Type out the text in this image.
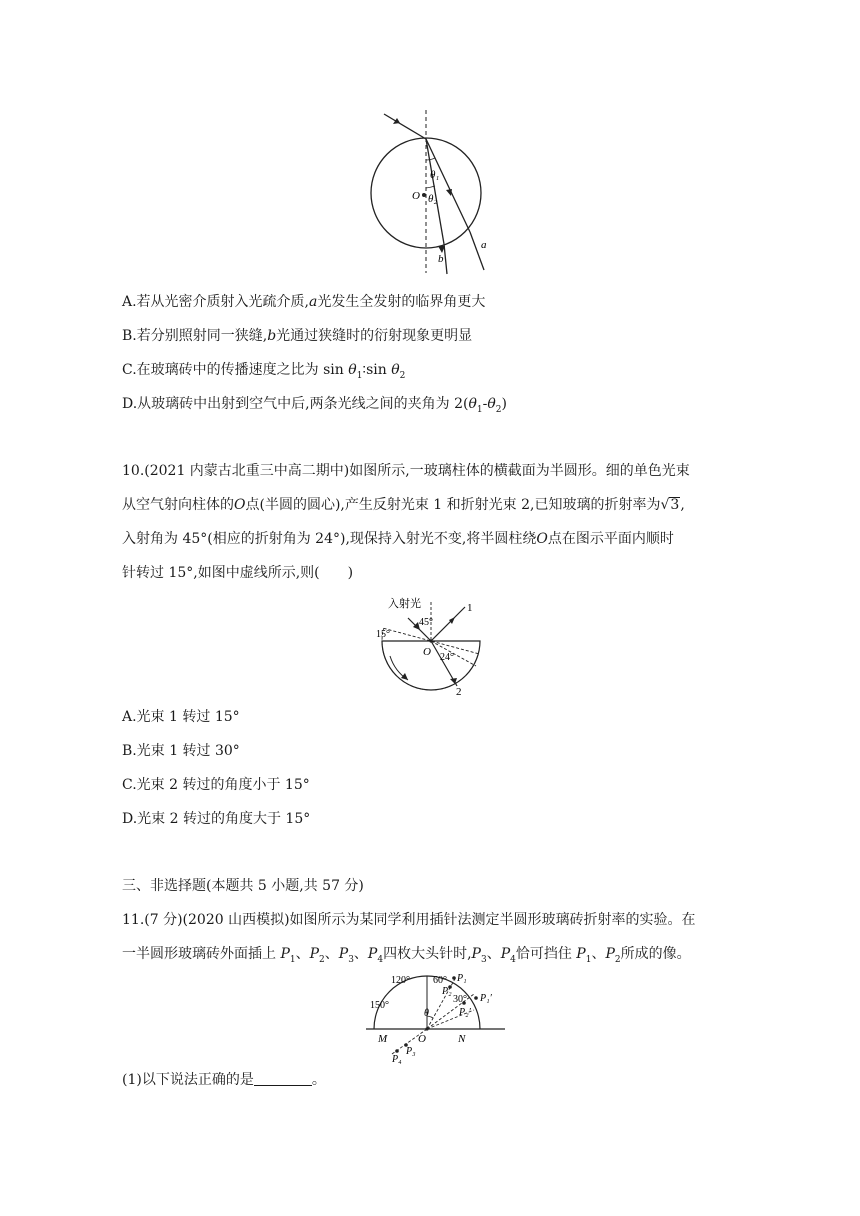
θ₁
O θ₂
b
a
A.若从光密介质射入光疏介质,a光发生全发射的临界角更大
B.若分别照射同一狭缝,b光通过狭缝时的衍射现象更明显
C.在玻璃砖中的传播速度之比为 $\sin \theta_1∶\sin$ $\theta_2$
D.从玻璃砖中出射到空气中后,两条光线之间的夹角为 $2(\theta_1-\theta_2)$
10.(2021 内蒙古北重三中高二期中)如图所示,一玻璃柱体的横截面为半圆形。细的单色光束
从空气射向柱体的O点(半圆的圆心),产生反射光束 1 和折射光束 2,已知玻璃的折射率为√3,
入射角为 45°(相应的折射角为 24°),现保持入射光不变,将半圆柱绕O点在图示平面内顺时
针转过 15°,如图中虚线所示,则(　　)
入射光
45°
1
15°
O 24°
2
A.光束 1 转过 15°
B.光束 1 转过 30°
C.光束 2 转过的角度小于 15°
D.光束 2 转过的角度大于 15°
三、非选择题(本题共 5 小题,共 57 分)
11.(7 分)(2020 山西模拟)如图所示为某同学利用插针法测定半圆形玻璃砖折射率的实验。在
一半圆形玻璃砖外面插上 $P_1$、$P_2$、$P_3$、$P_4$四枚大头针时$,P_3$、$P_4$恰可挡住 $P_1$、$P_2$所成的像。
120° 60°
150°
30°
P₁
P₂
P₁′
P₂′
θ
M	O	N
P₃
P₄
(1)以下说法正确的是	。
